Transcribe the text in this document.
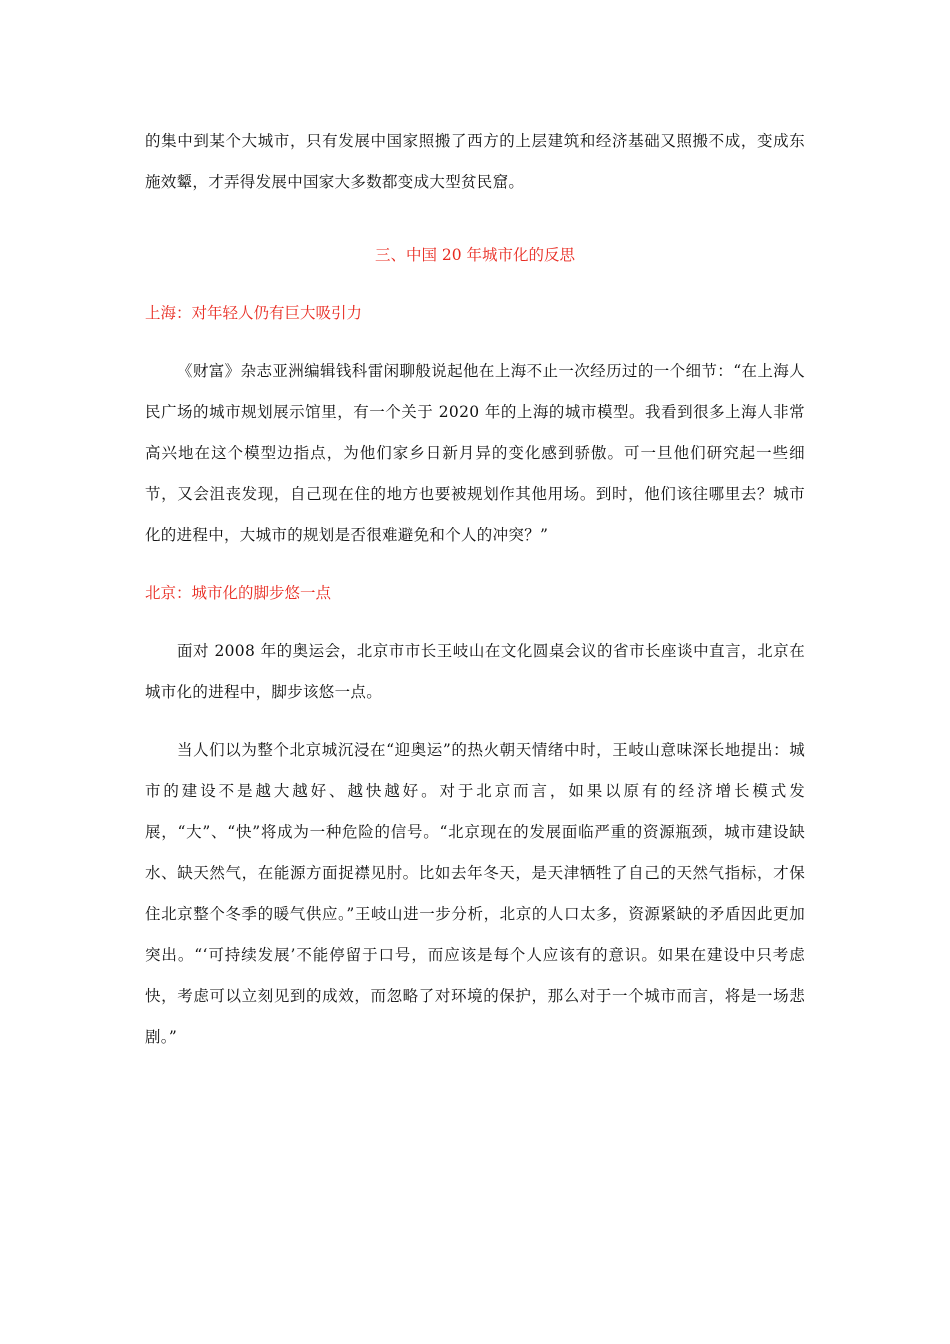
的集中到某个大城市，只有发展中国家照搬了西方的上层建筑和经济基础又照搬不成，变成东施效颦，才弄得发展中国家大多数都变成大型贫民窟。

三、中国 20 年城市化的反思

上海：对年轻人仍有巨大吸引力

《财富》杂志亚洲编辑钱科雷闲聊般说起他在上海不止一次经历过的一个细节：“在上海人民广场的城市规划展示馆里，有一个关于 2020 年的上海的城市模型。我看到很多上海人非常高兴地在这个模型边指点，为他们家乡日新月异的变化感到骄傲。可一旦他们研究起一些细节，又会沮丧发现，自己现在住的地方也要被规划作其他用场。到时，他们该往哪里去？城市化的进程中，大城市的规划是否很难避免和个人的冲突？”

北京：城市化的脚步悠一点

面对 2008 年的奥运会，北京市市长王岐山在文化圆桌会议的省市长座谈中直言，北京在城市化的进程中，脚步该悠一点。

当人们以为整个北京城沉浸在“迎奥运”的热火朝天情绪中时，王岐山意味深长地提出：城市的建设不是越大越好、越快越好。对于北京而言，如果以原有的经济增长模式发展，“大”、“快”将成为一种危险的信号。“北京现在的发展面临严重的资源瓶颈，城市建设缺水、缺天然气，在能源方面捉襟见肘。比如去年冬天，是天津牺牲了自己的天然气指标，才保住北京整个冬季的暖气供应。”王岐山进一步分析，北京的人口太多，资源紧缺的矛盾因此更加突出。“‘可持续发展’不能停留于口号，而应该是每个人应该有的意识。如果在建设中只考虑快，考虑可以立刻见到的成效，而忽略了对环境的保护，那么对于一个城市而言，将是一场悲剧。”
